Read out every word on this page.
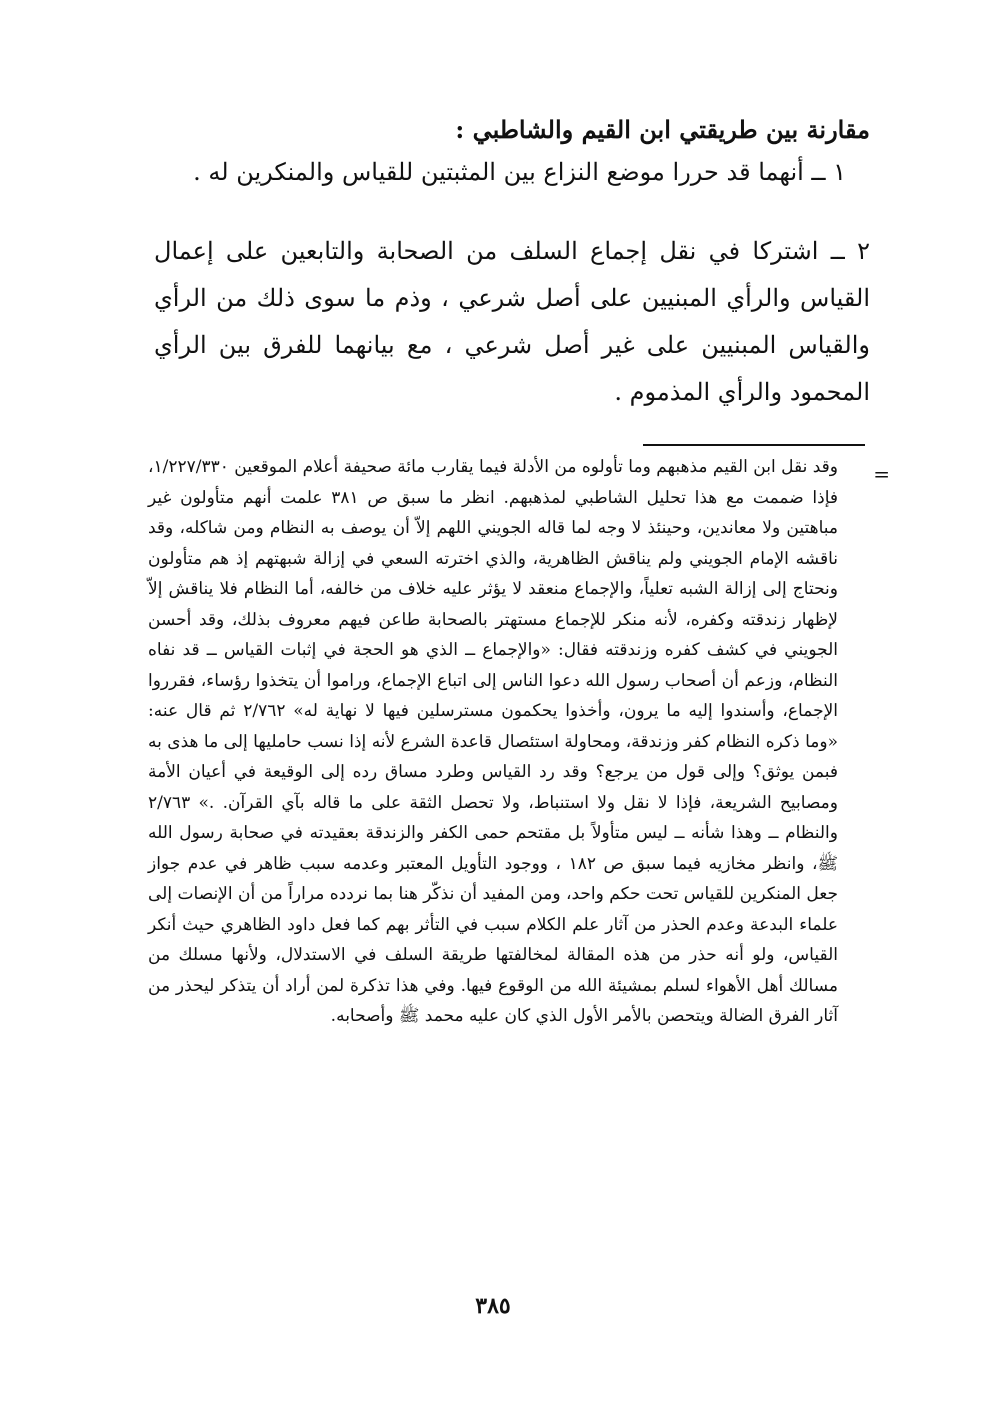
مقارنة بين طريقتي ابن القيم والشاطبي :
١ ــ أنهما قد حررا موضع النزاع بين المثبتين للقياس والمنكرين له .
٢ ــ اشتركا في نقل إجماع السلف من الصحابة والتابعين على إعمال القياس والرأي المبنيين على أصل شرعي ، وذم ما سوى ذلك من الرأي والقياس المبنيين على غير أصل شرعي ، مع بيانهما للفرق بين الرأي المحمود والرأي المذموم .
=
وقد نقل ابن القيم مذهبهم وما تأولوه من الأدلة فيما يقارب مائة صحيفة أعلام الموقعين ١/٢٢٧/٣٣٠، فإذا ضممت مع هذا تحليل الشاطبي لمذهبهم. انظر ما سبق ص ٣٨١ علمت أنهم متأولون غير مباهتين ولا معاندين، وحينئذ لا وجه لما قاله الجويني اللهم إلاّ أن يوصف به النظام ومن شاكله، وقد ناقشه الإمام الجويني ولم يناقش الظاهرية، والذي اخترته السعي في إزالة شبهتهم إذ هم متأولون ونحتاج إلى إزالة الشبه تعلياً، والإجماع منعقد لا يؤثر عليه خلاف من خالفه، أما النظام فلا يناقش إلاّ لإظهار زندقته وكفره، لأنه منكر للإجماع مستهتر بالصحابة طاعن فيهم معروف بذلك، وقد أحسن الجويني في كشف كفره وزندقته فقال: «والإجماع ــ الذي هو الحجة في إثبات القياس ــ قد نفاه النظام، وزعم أن أصحاب رسول الله دعوا الناس إلى اتباع الإجماع، وراموا أن يتخذوا رؤساء، فقرروا الإجماع، وأسندوا إليه ما يرون، وأخذوا يحكمون مسترسلين فيها لا نهاية له» ٢/٧٦٢ ثم قال عنه: «وما ذكره النظام كفر وزندقة، ومحاولة استئصال قاعدة الشرع لأنه إذا نسب حامليها إلى ما هذى به فبمن يوثق؟ وإلى قول من يرجع؟ وقد رد القياس وطرد مساق رده إلى الوقيعة في أعيان الأمة ومصابيح الشريعة، فإذا لا نقل ولا استنباط، ولا تحصل الثقة على ما قاله بآي القرآن. .» ٢/٧٦٣ والنظام ــ وهذا شأنه ــ ليس متأولاً بل مقتحم حمى الكفر والزندقة بعقيدته في صحابة رسول الله ﷺ، وانظر مخازيه فيما سبق ص ١٨٢ ، ووجود التأويل المعتبر وعدمه سبب ظاهر في عدم جواز جعل المنكرين للقياس تحت حكم واحد، ومن المفيد أن نذكّر هنا بما نردده مراراً من أن الإنصات إلى علماء البدعة وعدم الحذر من آثار علم الكلام سبب في التأثر بهم كما فعل داود الظاهري حيث أنكر القياس، ولو أنه حذر من هذه المقالة لمخالفتها طريقة السلف في الاستدلال، ولأنها مسلك من مسالك أهل الأهواء لسلم بمشيئة الله من الوقوع فيها. وفي هذا تذكرة لمن أراد أن يتذكر ليحذر من آثار الفرق الضالة ويتحصن بالأمر الأول الذي كان عليه محمد ﷺ وأصحابه.
٣٨٥
